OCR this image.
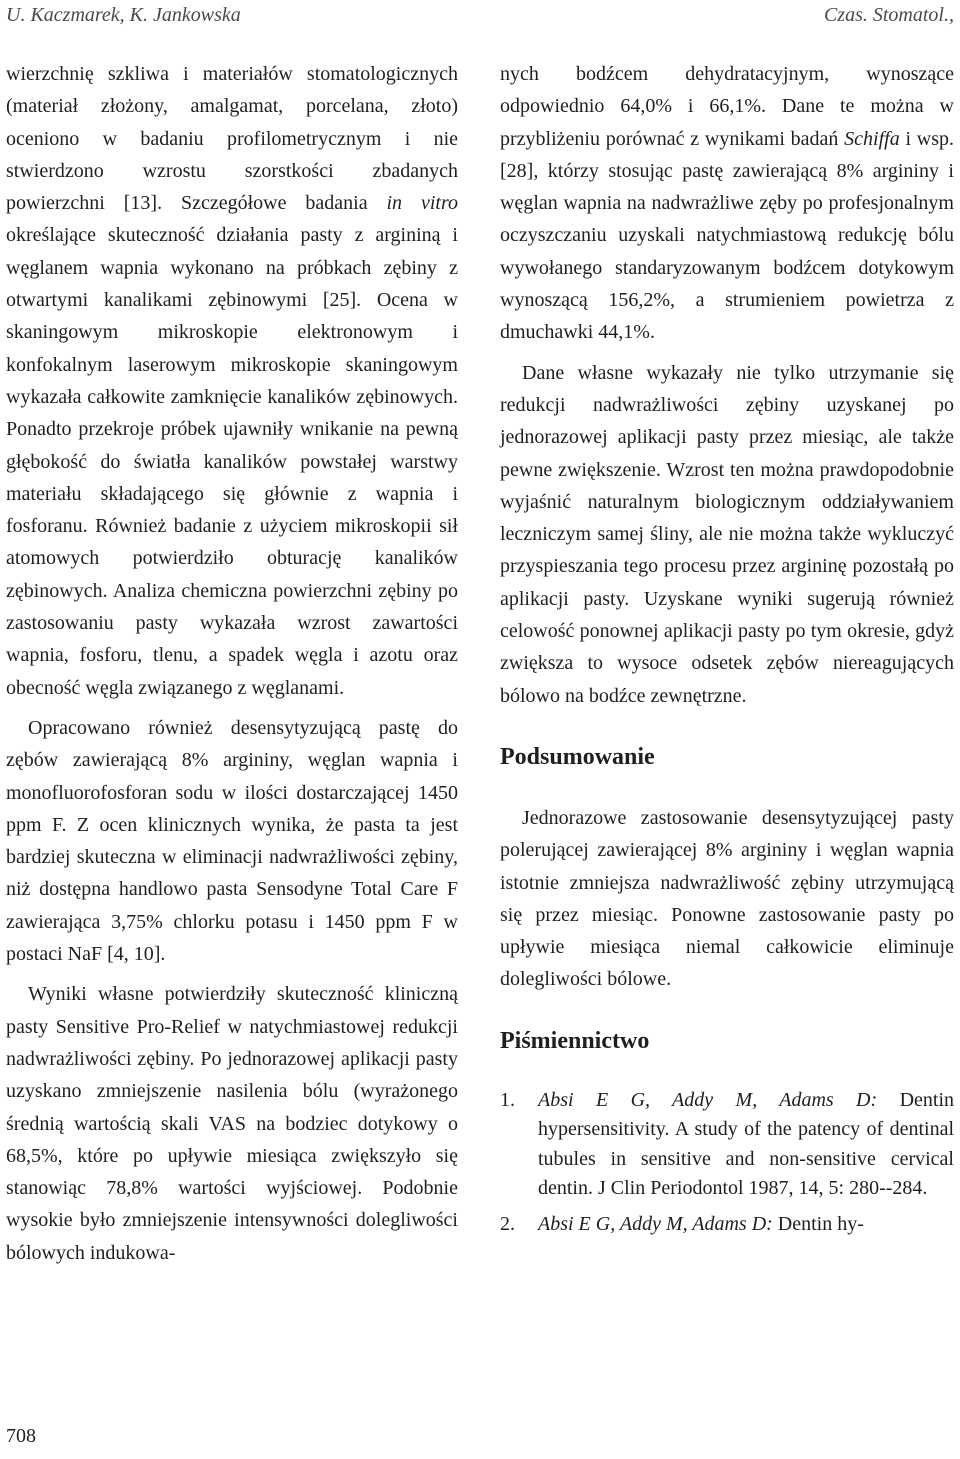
U. Kaczmarek, K. Jankowska	Czas. Stomatol.,

wierzchnię szkliwa i materiałów stomatologicznych (materiał złożony, amalgamat, porcelana, złoto) oceniono w badaniu profilometrycznym i nie stwierdzono wzrostu szorstkości zbadanych powierzchni [13]. Szczegółowe badania in vitro określające skuteczność działania pasty z argininą i węglanem wapnia wykonano na próbkach zębiny z otwartymi kanalikami zębinowymi [25]. Ocena w skaningowym mikroskopie elektronowym i konfokalnym laserowym mikroskopie skaningowym wykazała całkowite zamknięcie kanalików zębinowych. Ponadto przekroje próbek ujawniły wnikanie na pewną głębokość do światła kanalików powstałej warstwy materiału składającego się głównie z wapnia i fosforanu. Również badanie z użyciem mikroskopii sił atomowych potwierdziło obturację kanalików zębinowych. Analiza chemiczna powierzchni zębiny po zastosowaniu pasty wykazała wzrost zawartości wapnia, fosforu, tlenu, a spadek węgla i azotu oraz obecność węgla związanego z węglanami.

Opracowano również desensytyzującą pastę do zębów zawierającą 8% argininy, węglan wapnia i monofluorofosforan sodu w ilości dostarczającej 1450 ppm F. Z ocen klinicznych wynika, że pasta ta jest bardziej skuteczna w eliminacji nadwrażliwości zębiny, niż dostępna handlowo pasta Sensodyne Total Care F zawierająca 3,75% chlorku potasu i 1450 ppm F w postaci NaF [4, 10].

Wyniki własne potwierdziły skuteczność kliniczną pasty Sensitive Pro-Relief w natychmiastowej redukcji nadwrażliwości zębiny. Po jednorazowej aplikacji pasty uzyskano zmniejszenie nasilenia bólu (wyrażonego średnią wartością skali VAS na bodziec dotykowy o 68,5%, które po upływie miesiąca zwiększyło się stanowiąc 78,8% wartości wyjściowej. Podobnie wysokie było zmniejszenie intensywności dolegliwości bólowych indukowa-

nych bodźcem dehydratacyjnym, wynoszące odpowiednio 64,0% i 66,1%. Dane te można w przybliżeniu porównać z wynikami badań Schiffa i wsp. [28], którzy stosując pastę zawierającą 8% argininy i węglan wapnia na nadwrażliwe zęby po profesjonalnym oczyszczaniu uzyskali natychmiastową redukcję bólu wywołanego standaryzowanym bodźcem dotykowym wynoszącą 156,2%, a strumieniem powietrza z dmuchawki 44,1%.

Dane własne wykazały nie tylko utrzymanie się redukcji nadwrażliwości zębiny uzyskanej po jednorazowej aplikacji pasty przez miesiąc, ale także pewne zwiększenie. Wzrost ten można prawdopodobnie wyjaśnić naturalnym biologicznym oddziaływaniem leczniczym samej śliny, ale nie można także wykluczyć przyspieszania tego procesu przez argininę pozostałą po aplikacji pasty. Uzyskane wyniki sugerują również celowość ponownej aplikacji pasty po tym okresie, gdyż zwiększa to wysoce odsetek zębów niereagujących bólowo na bodźce zewnętrzne.

Podsumowanie

Jednorazowe zastosowanie desensytyzującej pasty polerującej zawierającej 8% argininy i węglan wapnia istotnie zmniejsza nadwrażliwość zębiny utrzymującą się przez miesiąc. Ponowne zastosowanie pasty po upływie miesiąca niemal całkowicie eliminuje dolegliwości bólowe.

Piśmiennictwo
1. Absi E G, Addy M, Adams D: Dentin hypersensitivity. A study of the patency of dentinal tubules in sensitive and non-sensitive cervical dentin. J Clin Periodontol 1987, 14, 5: 280--284.
2. Absi E G, Addy M, Adams D: Dentin hy-
708
